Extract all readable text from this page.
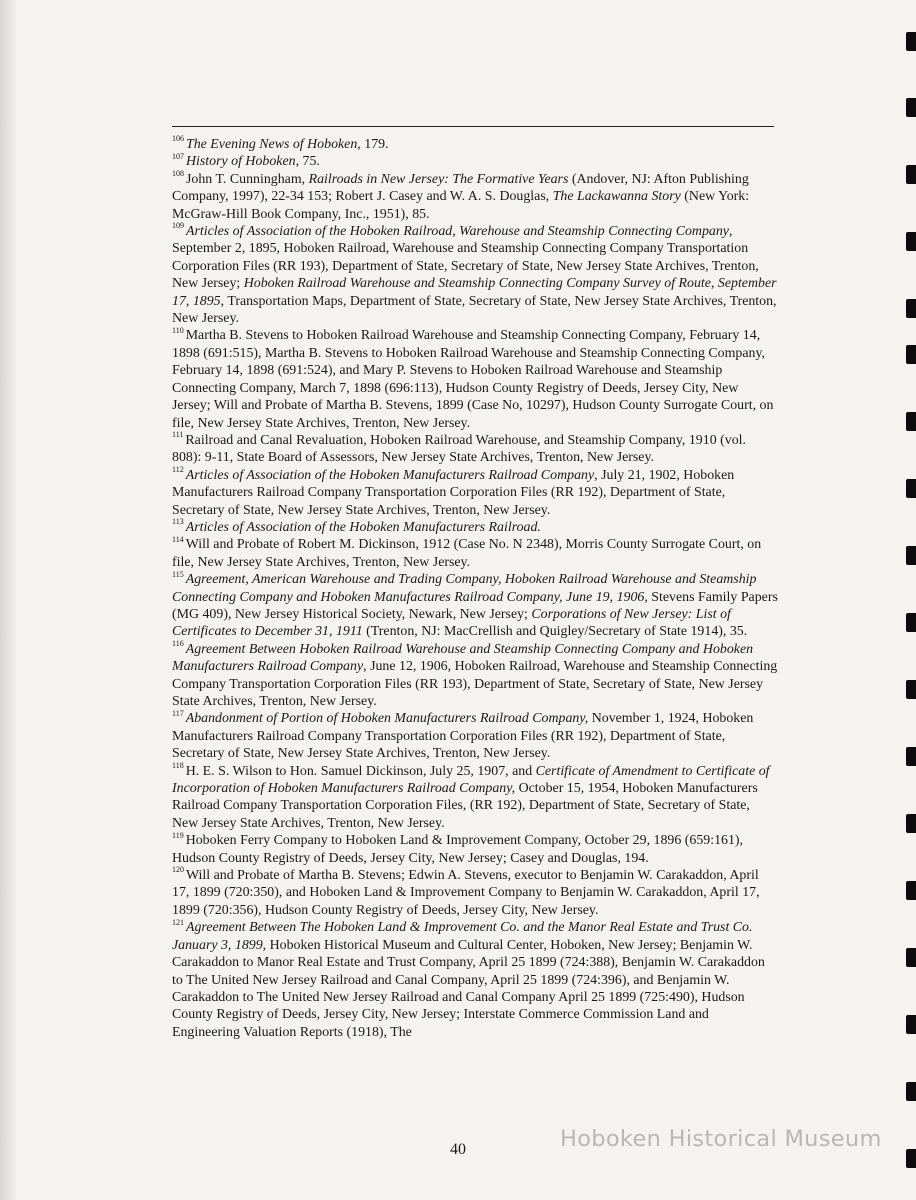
$^{106}$ The Evening News of Hoboken, 179.

$^{107}$ History of Hoboken, 75.

$^{108}$ John T. Cunningham, Railroads in New Jersey: The Formative Years (Andover, NJ: Afton Publishing Company, 1997), 22-34 153; Robert J. Casey and W. A. S. Douglas, The Lackawanna Story (New York: McGraw-Hill Book Company, Inc., 1951), 85.

$^{109}$ Articles of Association of the Hoboken Railroad, Warehouse and Steamship Connecting Company, September 2, 1895, Hoboken Railroad, Warehouse and Steamship Connecting Company Transportation Corporation Files (RR 193), Department of State, Secretary of State, New Jersey State Archives, Trenton, New Jersey; Hoboken Railroad Warehouse and Steamship Connecting Company Survey of Route, September 17, 1895, Transportation Maps, Department of State, Secretary of State, New Jersey State Archives, Trenton, New Jersey.

$^{110}$ Martha B. Stevens to Hoboken Railroad Warehouse and Steamship Connecting Company, February 14, 1898 (691:515), Martha B. Stevens to Hoboken Railroad Warehouse and Steamship Connecting Company, February 14, 1898 (691:524), and Mary P. Stevens to Hoboken Railroad Warehouse and Steamship Connecting Company, March 7, 1898 (696:113), Hudson County Registry of Deeds, Jersey City, New Jersey; Will and Probate of Martha B. Stevens, 1899 (Case No, 10297), Hudson County Surrogate Court, on file, New Jersey State Archives, Trenton, New Jersey.

$^{111}$ Railroad and Canal Revaluation, Hoboken Railroad Warehouse, and Steamship Company, 1910 (vol. 808): 9-11, State Board of Assessors, New Jersey State Archives, Trenton, New Jersey.

$^{112}$ Articles of Association of the Hoboken Manufacturers Railroad Company, July 21, 1902, Hoboken Manufacturers Railroad Company Transportation Corporation Files (RR 192), Department of State, Secretary of State, New Jersey State Archives, Trenton, New Jersey.

$^{113}$ Articles of Association of the Hoboken Manufacturers Railroad.

$^{114}$ Will and Probate of Robert M. Dickinson, 1912 (Case No. N 2348), Morris County Surrogate Court, on file, New Jersey State Archives, Trenton, New Jersey.

$^{115}$ Agreement, American Warehouse and Trading Company, Hoboken Railroad Warehouse and Steamship Connecting Company and Hoboken Manufactures Railroad Company, June 19, 1906, Stevens Family Papers (MG 409), New Jersey Historical Society, Newark, New Jersey; Corporations of New Jersey: List of Certificates to December 31, 1911 (Trenton, NJ: MacCrellish and Quigley/Secretary of State 1914), 35.

$^{116}$ Agreement Between Hoboken Railroad Warehouse and Steamship Connecting Company and Hoboken Manufacturers Railroad Company, June 12, 1906, Hoboken Railroad, Warehouse and Steamship Connecting Company Transportation Corporation Files (RR 193), Department of State, Secretary of State, New Jersey State Archives, Trenton, New Jersey.

$^{117}$ Abandonment of Portion of Hoboken Manufacturers Railroad Company, November 1, 1924, Hoboken Manufacturers Railroad Company Transportation Corporation Files (RR 192), Department of State, Secretary of State, New Jersey State Archives, Trenton, New Jersey.

$^{118}$ H. E. S. Wilson to Hon. Samuel Dickinson, July 25, 1907, and Certificate of Amendment to Certificate of Incorporation of Hoboken Manufacturers Railroad Company, October 15, 1954, Hoboken Manufacturers Railroad Company Transportation Corporation Files, (RR 192), Department of State, Secretary of State, New Jersey State Archives, Trenton, New Jersey.

$^{119}$ Hoboken Ferry Company to Hoboken Land & Improvement Company, October 29, 1896 (659:161), Hudson County Registry of Deeds, Jersey City, New Jersey; Casey and Douglas, 194.

$^{120}$ Will and Probate of Martha B. Stevens; Edwin A. Stevens, executor to Benjamin W. Carakaddon, April 17, 1899 (720:350), and Hoboken Land & Improvement Company to Benjamin W. Carakaddon, April 17, 1899 (720:356), Hudson County Registry of Deeds, Jersey City, New Jersey.

$^{121}$ Agreement Between The Hoboken Land & Improvement Co. and the Manor Real Estate and Trust Co. January 3, 1899, Hoboken Historical Museum and Cultural Center, Hoboken, New Jersey; Benjamin W. Carakaddon to Manor Real Estate and Trust Company, April 25 1899 (724:388), Benjamin W. Carakaddon to The United New Jersey Railroad and Canal Company, April 25 1899 (724:396), and Benjamin W. Carakaddon to The United New Jersey Railroad and Canal Company April 25 1899 (725:490), Hudson County Registry of Deeds, Jersey City, New Jersey; Interstate Commerce Commission Land and Engineering Valuation Reports (1918), The

40	Hoboken Historical Museum
